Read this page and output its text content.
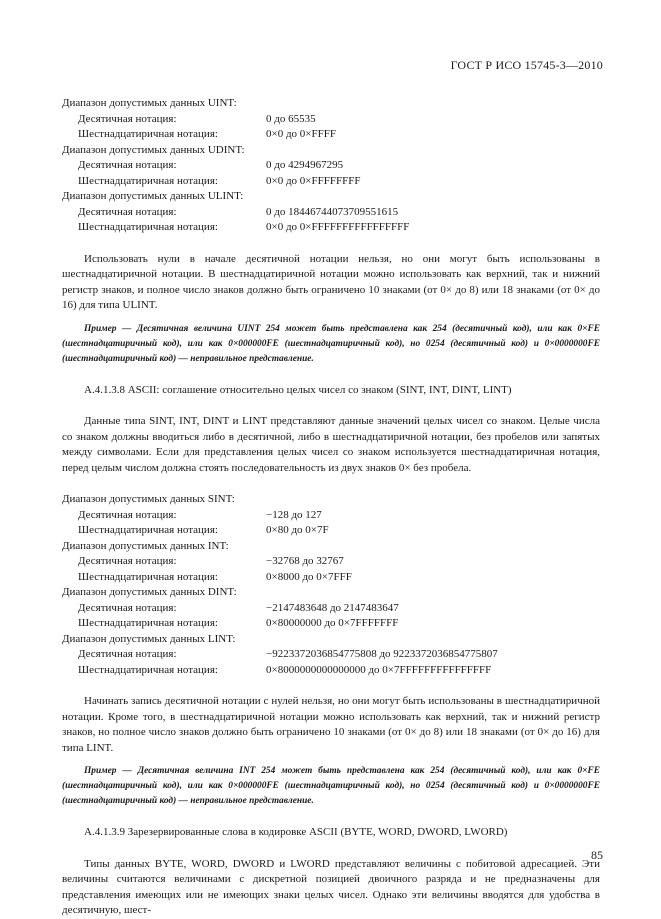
ГОСТ Р ИСО 15745-3—2010
Диапазон допустимых данных UINT:
Десятичная нотация:	0 до 65535
Шестнадцатиричная нотация:	0×0 до 0×FFFF
Диапазон допустимых данных UDINT:
Десятичная нотация:	0 до 4294967295
Шестнадцатиричная нотация:	0×0 до 0×FFFFFFFF
Диапазон допустимых данных ULINT:
Десятичная нотация:	0 до 18446744073709551615
Шестнадцатиричная нотация:	0×0 до 0×FFFFFFFFFFFFFFFF

Использовать нули в начале десятичной нотации нельзя, но они могут быть использованы в шестнадцатиричной нотации. В шестнадцатиричной нотации можно использовать как верхний, так и нижний регистр знаков, и полное число знаков должно быть ограничено 10 знаками (от 0× до 8) или 18 знаками (от 0× до 16) для типа ULINT.

Пример — Десятичная величина UINT 254 может быть представлена как 254 (десятичный код), или как 0×FE (шестнадцатиричный код), или как 0×000000FE (шестнадцатиричный код), но 0254 (десятичный код) и 0×0000000FE (шестнадцатиричный код) — неправильное представление.

А.4.1.3.8 ASCII: соглашение относительно целых чисел со знаком (SINT, INT, DINT, LINT)

Данные типа SINT, INT, DINT и LINT представляют данные значений целых чисел со знаком. Целые числа со знаком должны вводиться либо в десятичной, либо в шестнадцатиричной нотации, без пробелов или запятых между символами. Если для представления целых чисел со знаком используется шестнадцатиричная нотация, перед целым числом должна стоять последовательность из двух знаков 0× без пробела.

Диапазон допустимых данных SINT:
Десятичная нотация:	−128 до 127
Шестнадцатиричная нотация:	0×80 до 0×7F
Диапазон допустимых данных INT:
Десятичная нотация:	−32768 до 32767
Шестнадцатиричная нотация:	0×8000 до 0×7FFF
Диапазон допустимых данных DINT:
Десятичная нотация:	−2147483648 до 2147483647
Шестнадцатиричная нотация:	0×80000000 до 0×7FFFFFFF
Диапазон допустимых данных LINT:
Десятичная нотация:	−9223372036854775808 до 9223372036854775807
Шестнадцатиричная нотация:	0×8000000000000000 до 0×7FFFFFFFFFFFFFFF

Начинать запись десятичной нотации с нулей нельзя, но они могут быть использованы в шестнадцатиричной нотации. Кроме того, в шестнадцатиричной нотации можно использовать как верхний, так и нижний регистр знаков, но полное число знаков должно быть ограничено 10 знаками (от 0× до 8) или 18 знаками (от 0× до 16) для типа LINT.

Пример — Десятичная величина INT 254 может быть представлена как 254 (десятичный код), или как 0×FE (шестнадцатиричный код), или как 0×000000FE (шестнадцатиричный код), но 0254 (десятичный код) и 0×0000000FE (шестнадцатиричный код) — неправильное представление.

А.4.1.3.9 Зарезервированные слова в кодировке ASCII (BYTE, WORD, DWORD, LWORD)

Типы данных BYTE, WORD, DWORD и LWORD представляют величины с побитовой адресацией. Эти величины считаются величинами с дискретной позицией двоичного разряда и не предназначены для представления имеющих или не имеющих знаки целых чисел. Однако эти величины вводятся для удобства в десятичную, шест-

85
